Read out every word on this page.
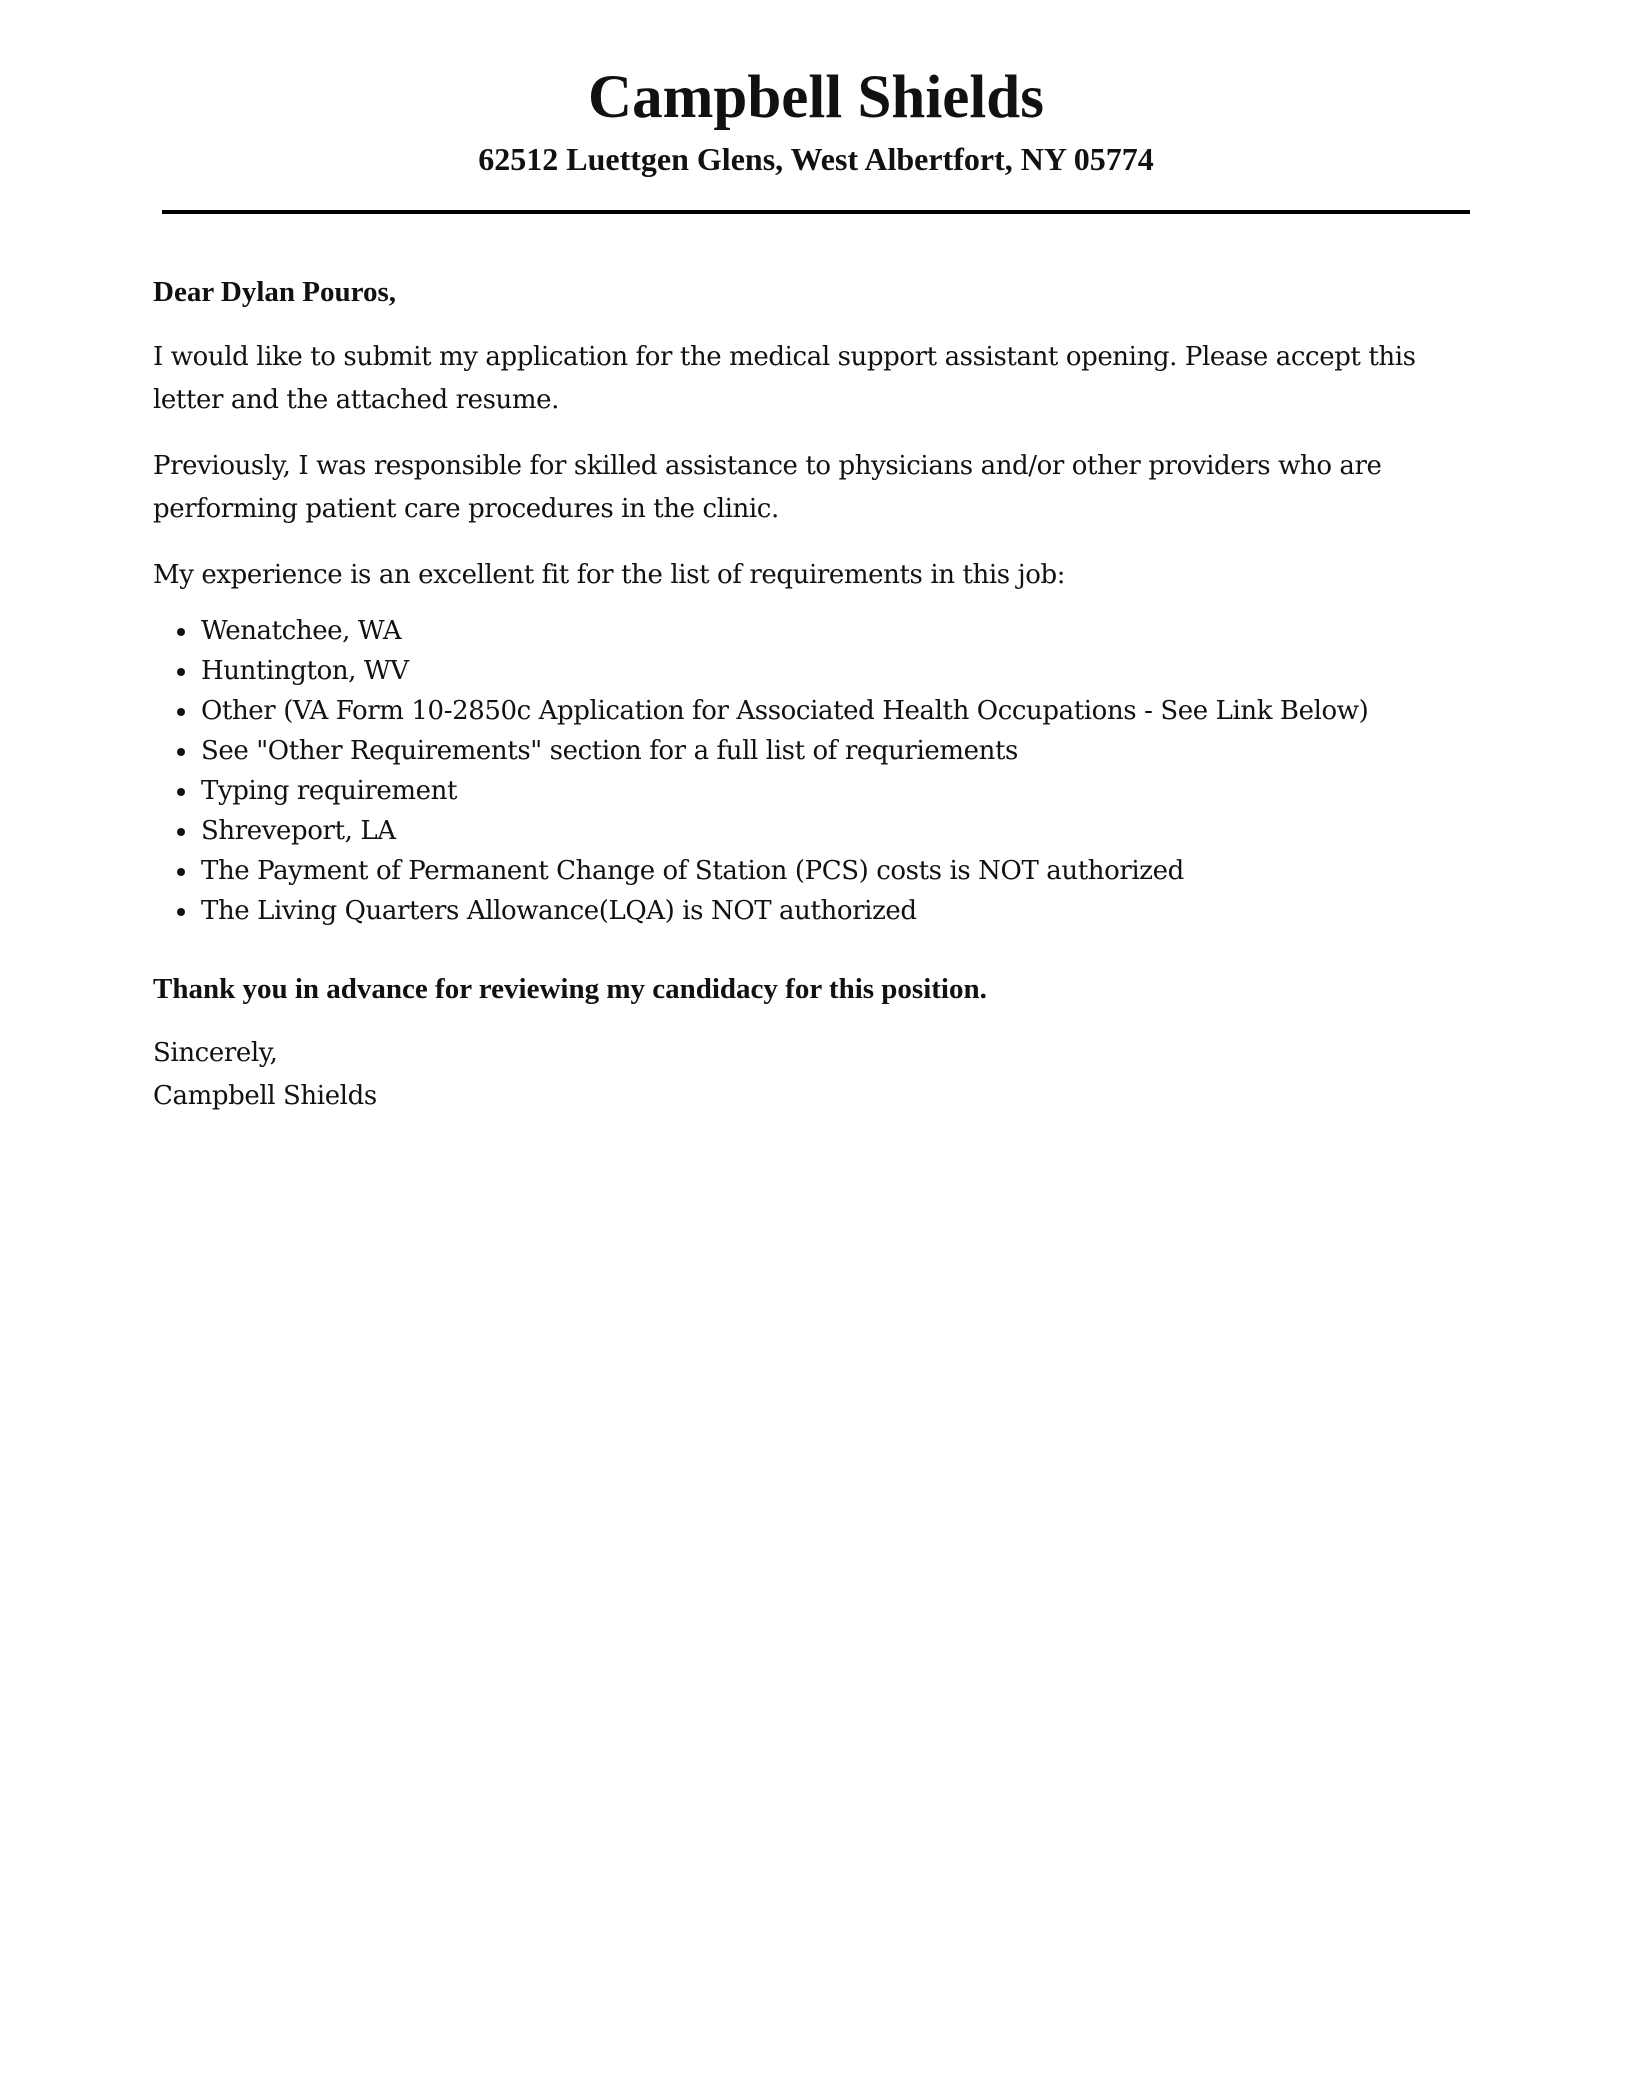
Campbell Shields
62512 Luettgen Glens, West Albertfort, NY 05774

Dear Dylan Pouros,

I would like to submit my application for the medical support assistant opening. Please accept this letter and the attached resume.

Previously, I was responsible for skilled assistance to physicians and/or other providers who are performing patient care procedures in the clinic.

My experience is an excellent fit for the list of requirements in this job:

Wenatchee, WA
Huntington, WV
Other (VA Form 10-2850c Application for Associated Health Occupations - See Link Below)
See "Other Requirements" section for a full list of requriements
Typing requirement
Shreveport, LA
The Payment of Permanent Change of Station (PCS) costs is NOT authorized
The Living Quarters Allowance(LQA) is NOT authorized

Thank you in advance for reviewing my candidacy for this position.

Sincerely,

Campbell Shields
